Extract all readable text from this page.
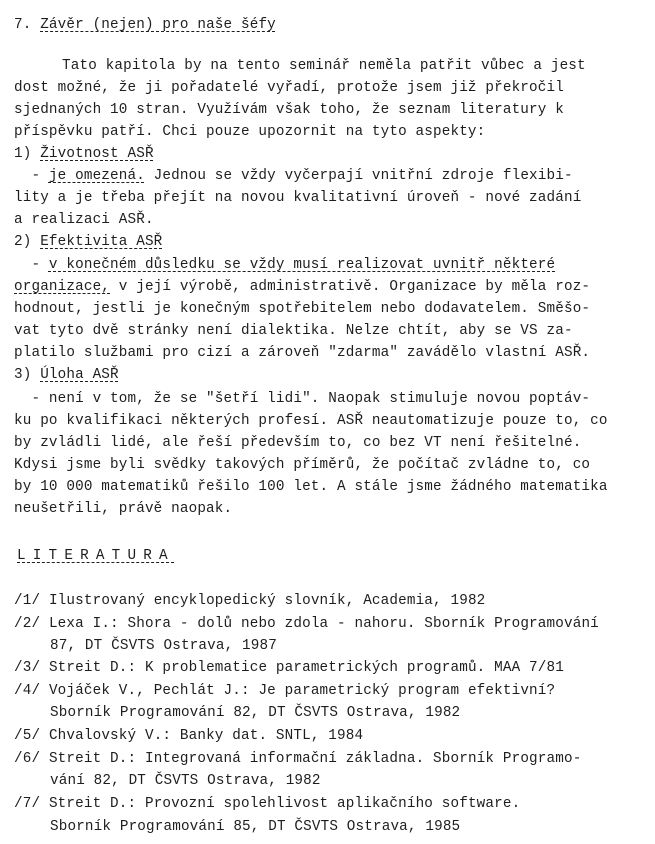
7. Závěr (nejen) pro naše šéfy
Tato kapitola by na tento seminář neměla patřit vůbec a jest
dost možné, že ji pořadatelé vyřadí, protože jsem již překročil
sjednaných 10 stran. Využívám však toho, že seznam literatury k
příspěvku patří. Chci pouze upozornit na tyto aspekty:
1) Životnost ASŘ
- je omezená. Jednou se vždy vyčerpají vnitřní zdroje flexibi-
lity a je třeba přejít na novou kvalitativní úroveň - nové zadání
a realizaci ASŘ.
2) Efektivita ASŘ
- v konečném důsledku se vždy musí realizovat uvnitř některé
organizace, v její výrobě, administrativě. Organizace by měla roz-
hodnout, jestli je konečným spotřebitelem nebo dodavatelem. Směšo-
vat tyto dvě stránky není dialektika. Nelze chtít, aby se VS za-
platilo službami pro cizí a zároveň "zdarma" zavádělo vlastní ASŘ.
3) Úloha ASŘ
- není v tom, že se "šetří lidi". Naopak stimuluje novou poptáv-
ku po kvalifikaci některých profesí. ASŘ neautomatizuje pouze to, co
by zvládli lidé, ale řeší především to, co bez VT není řešitelné.
Kdysi jsme byli svědky takových příměrů, že počítač zvládne to, co
by 10 000 matematiků řešilo 100 let. A stále jsme žádného matematika
neušetřili, právě naopak.
LITERATURA
/1/ Ilustrovaný encyklopedický slovník, Academia, 1982
/2/ Lexa I.: Shora - dolů nebo zdola - nahoru. Sborník Programování
87, DT ČSVTS Ostrava, 1987
/3/ Streit D.: K problematice parametrických programů. MAA 7/81
/4/ Vojáček V., Pechlát J.: Je parametrický program efektivní?
Sborník Programování 82, DT ČSVTS Ostrava, 1982
/5/ Chvalovský V.: Banky dat. SNTL, 1984
/6/ Streit D.: Integrovaná informační základna. Sborník Programo-
vání 82, DT ČSVTS Ostrava, 1982
/7/ Streit D.: Provozní spolehlivost aplikačního software.
Sborník Programování 85, DT ČSVTS Ostrava, 1985
